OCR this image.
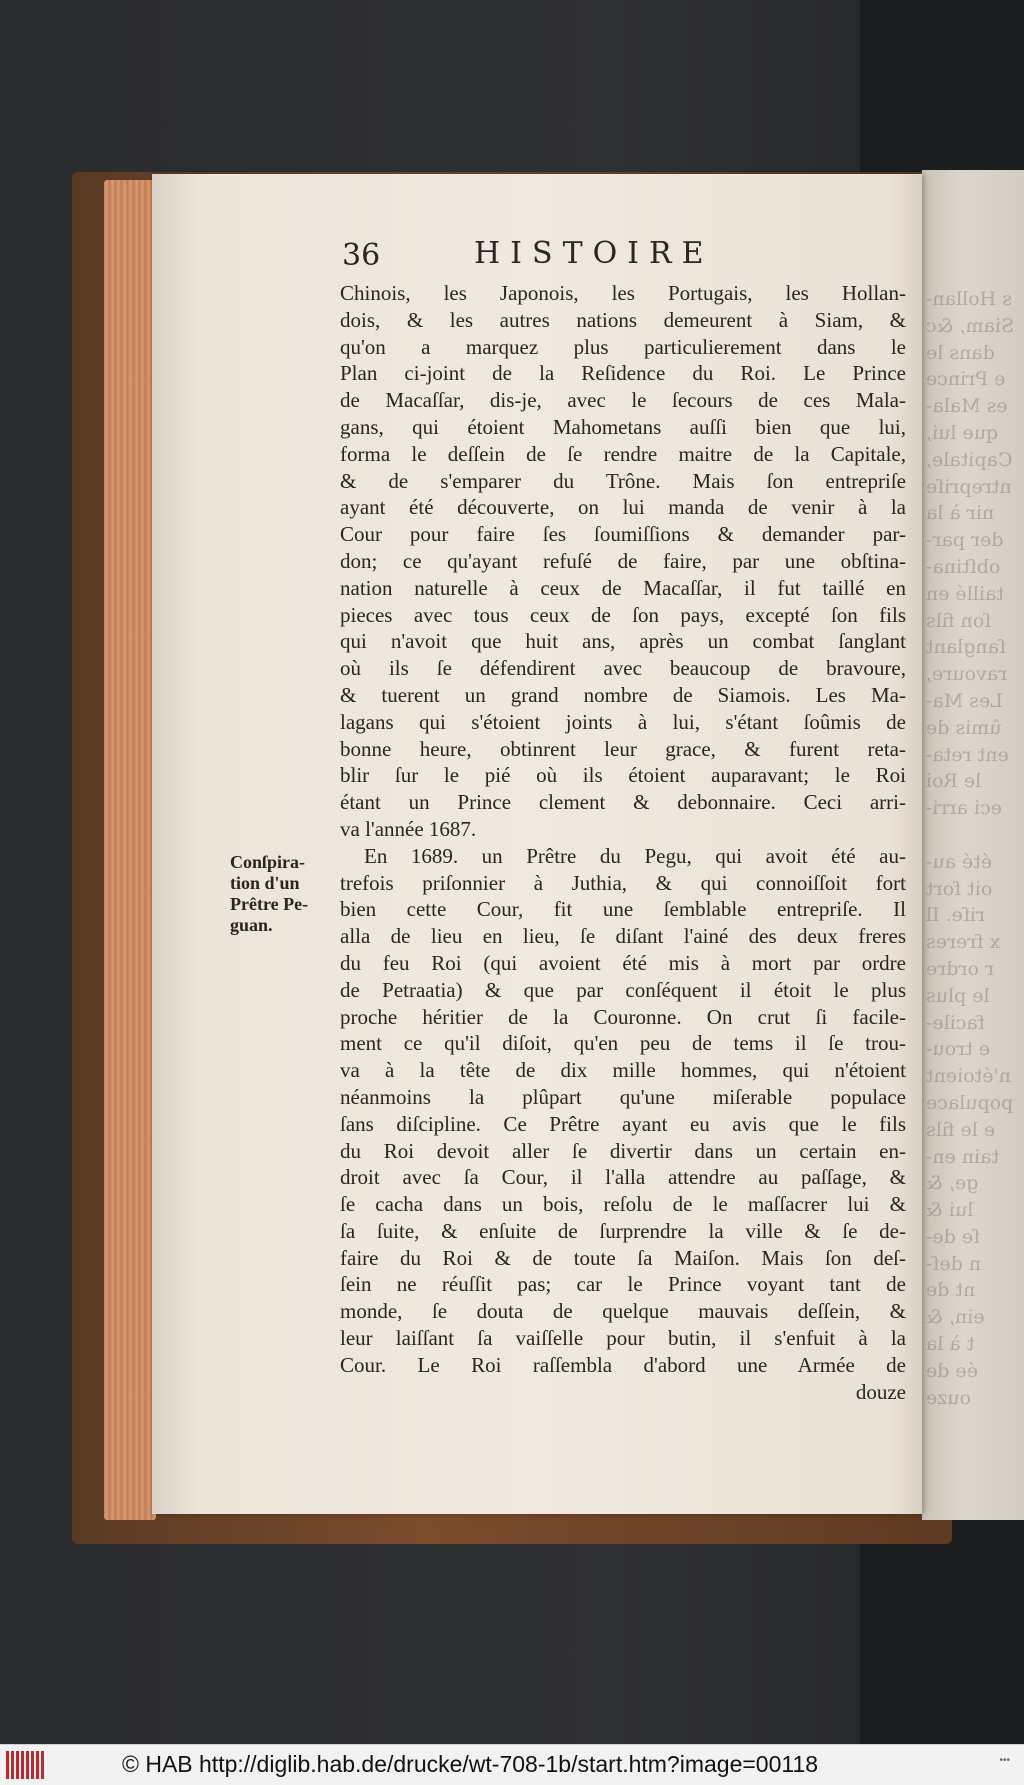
s Hollan-
Siam, &c
dans le
e Prince
es Mala-
que lui,
Capitale,
ntrepriſe
nir à la
der par-
obſtina-
taillé en
ſon fils
ſanglant
ravoure,
Les Ma-
ûmis de
ent reta-
le Roi
eci arri-
été au-
oit fort
riſe. Il
x freres
r ordre
le plus
facile-
e trou-
n'étoient
populace
e le fils
tain en-
ge, &
lui &
ſe de-
n deſ-
nt de
ein, &
t à la
ée de
ouze
36	HISTOIRE
Conſpira-
tion d'un
Prêtre Pe-
guan.
Chinois, les Japonois, les Portugais, les Hollan-
dois, & les autres nations demeurent à Siam, &
qu'on a marquez plus particulierement dans le
Plan ci-joint de la Reſidence du Roi. Le Prince
de Macaſſar, dis-je, avec le ſecours de ces Mala-
gans, qui étoient Mahometans auſſi bien que lui,
forma le deſſein de ſe rendre maitre de la Capitale,
& de s'emparer du Trône. Mais ſon entrepriſe
ayant été découverte, on lui manda de venir à la
Cour pour faire ſes ſoumiſſions & demander par-
don; ce qu'ayant refuſé de faire, par une obſtina-
nation naturelle à ceux de Macaſſar, il fut taillé en
pieces avec tous ceux de ſon pays, excepté ſon fils
qui n'avoit que huit ans, après un combat ſanglant
où ils ſe défendirent avec beaucoup de bravoure,
& tuerent un grand nombre de Siamois. Les Ma-
lagans qui s'étoient joints à lui, s'étant ſoûmis de
bonne heure, obtinrent leur grace, & furent reta-
blir ſur le pié où ils étoient auparavant; le Roi
étant un Prince clement & debonnaire. Ceci arri-
va l'année 1687.
En 1689. un Prêtre du Pegu, qui avoit été au-
trefois priſonnier à Juthia, & qui connoiſſoit fort
bien cette Cour, fit une ſemblable entrepriſe. Il
alla de lieu en lieu, ſe diſant l'ainé des deux freres
du feu Roi (qui avoient été mis à mort par ordre
de Petraatia) & que par conſéquent il étoit le plus
proche héritier de la Couronne. On crut ſi facile-
ment ce qu'il diſoit, qu'en peu de tems il ſe trou-
va à la tête de dix mille hommes, qui n'étoient
néanmoins la plûpart qu'une miſerable populace
ſans diſcipline. Ce Prêtre ayant eu avis que le fils
du Roi devoit aller ſe divertir dans un certain en-
droit avec ſa Cour, il l'alla attendre au paſſage, &
ſe cacha dans un bois, reſolu de le maſſacrer lui &
ſa ſuite, & enſuite de ſurprendre la ville & ſe de-
faire du Roi & de toute ſa Maiſon. Mais ſon deſ-
ſein ne réuſſit pas; car le Prince voyant tant de
monde, ſe douta de quelque mauvais deſſein, &
leur laiſſant ſa vaiſſelle pour butin, il s'enfuit à la
Cour. Le Roi raſſembla d'abord une Armée de
douze
© HAB http://diglib.hab.de/drucke/wt-708-1b/start.htm?image=00118	•••
